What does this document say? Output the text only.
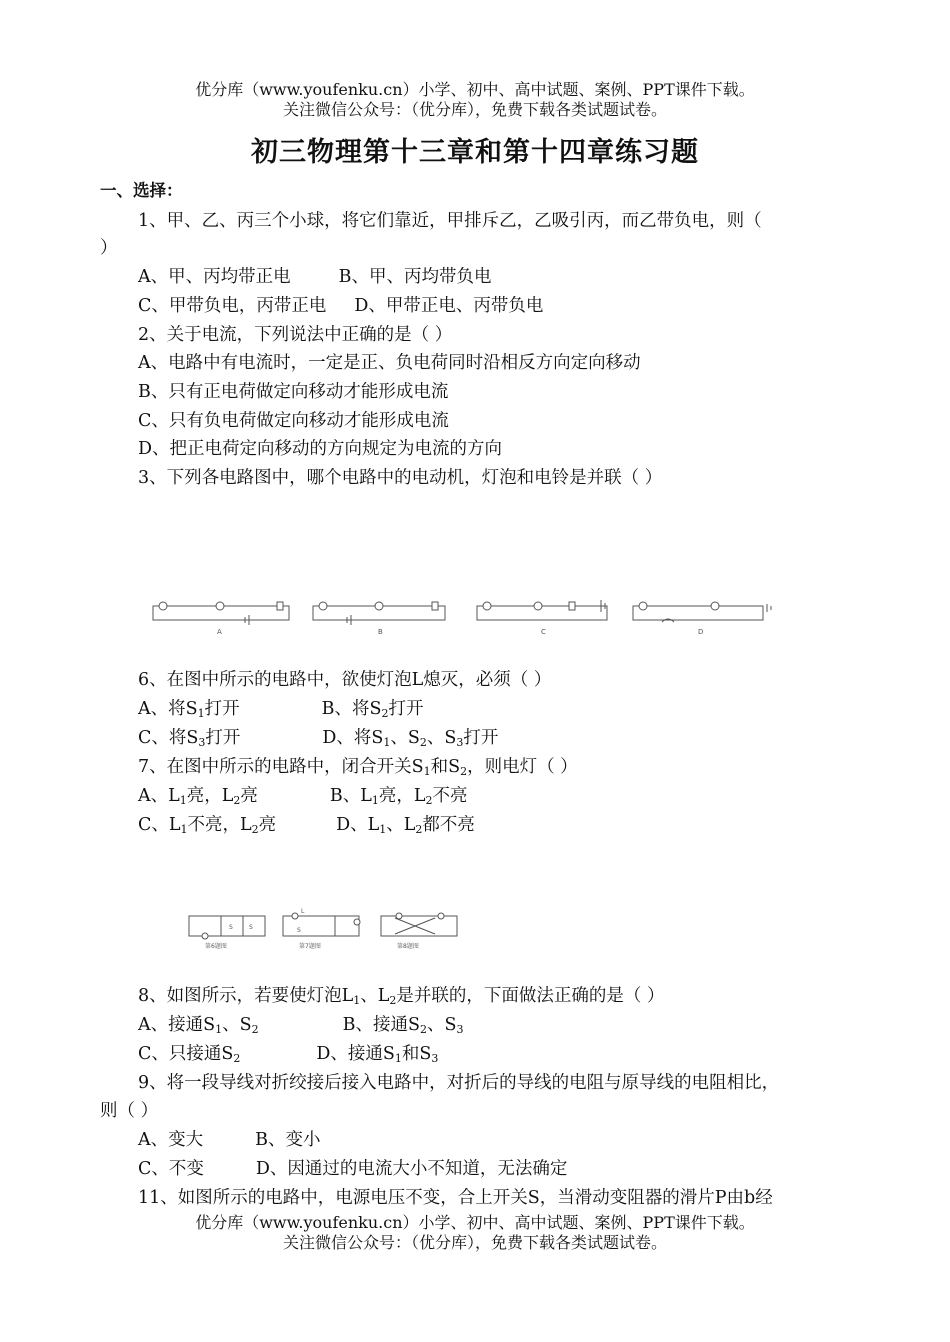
优分库（www.youfenku.cn）小学、初中、高中试题、案例、PPT课件下载。
关注微信公众号：（优分库），免费下载各类试题试卷。
初三物理第十三章和第十四章练习题
一、选择：
1、甲、乙、丙三个小球，将它们靠近，甲排斥乙，乙吸引丙，而乙带负电，则（
）
A、甲、丙均带正电	B、甲、丙均带负电
C、甲带负电，丙带正电 D、甲带正电、丙带负电
2、关于电流，下列说法中正确的是（ ）
A、电路中有电流时，一定是正、负电荷同时沿相反方向定向移动
B、只有正电荷做定向移动才能形成电流
C、只有负电荷做定向移动才能形成电流
D、把正电荷定向移动的方向规定为电流的方向
3、下列各电路图中，哪个电路中的电动机，灯泡和电铃是并联（ ）
A	B	C	D
6、在图中所示的电路中，欲使灯泡L熄灭，必须（ ）
A、将$S_1$打开	B、将$S_2$打开
C、将$S_3$打开	D、将$S_1$、$S_2$、$S_3$打开
7、在图中所示的电路中，闭合开关$S_1$和$S_2$，则电灯（ ）
A、$L_1$亮，$L_2$亮	B、$L_1$亮，$L_2$不亮
C、$L_1$不亮，$L_2$亮	D、$L_1$、$L_2$都不亮
S	S
L
S
第6题图	第7题图	第8题图
8、如图所示，若要使灯泡$L_1$、$L_2$是并联的，下面做法正确的是（ ）
A、接通$S_1$、$S_2$	B、接通$S_2$、$S_3$
C、只接通$S_2$	D、接通$S_1$和$S_3$
9、将一段导线对折绞接后接入电路中，对折后的导线的电阻与原导线的电阻相比，
则（ ）
A、变大	B、变小
C、不变	D、因通过的电流大小不知道，无法确定
11、如图所示的电路中，电源电压不变，合上开关S，当滑动变阻器的滑片P由b经
优分库（www.youfenku.cn）小学、初中、高中试题、案例、PPT课件下载。
关注微信公众号：（优分库），免费下载各类试题试卷。
